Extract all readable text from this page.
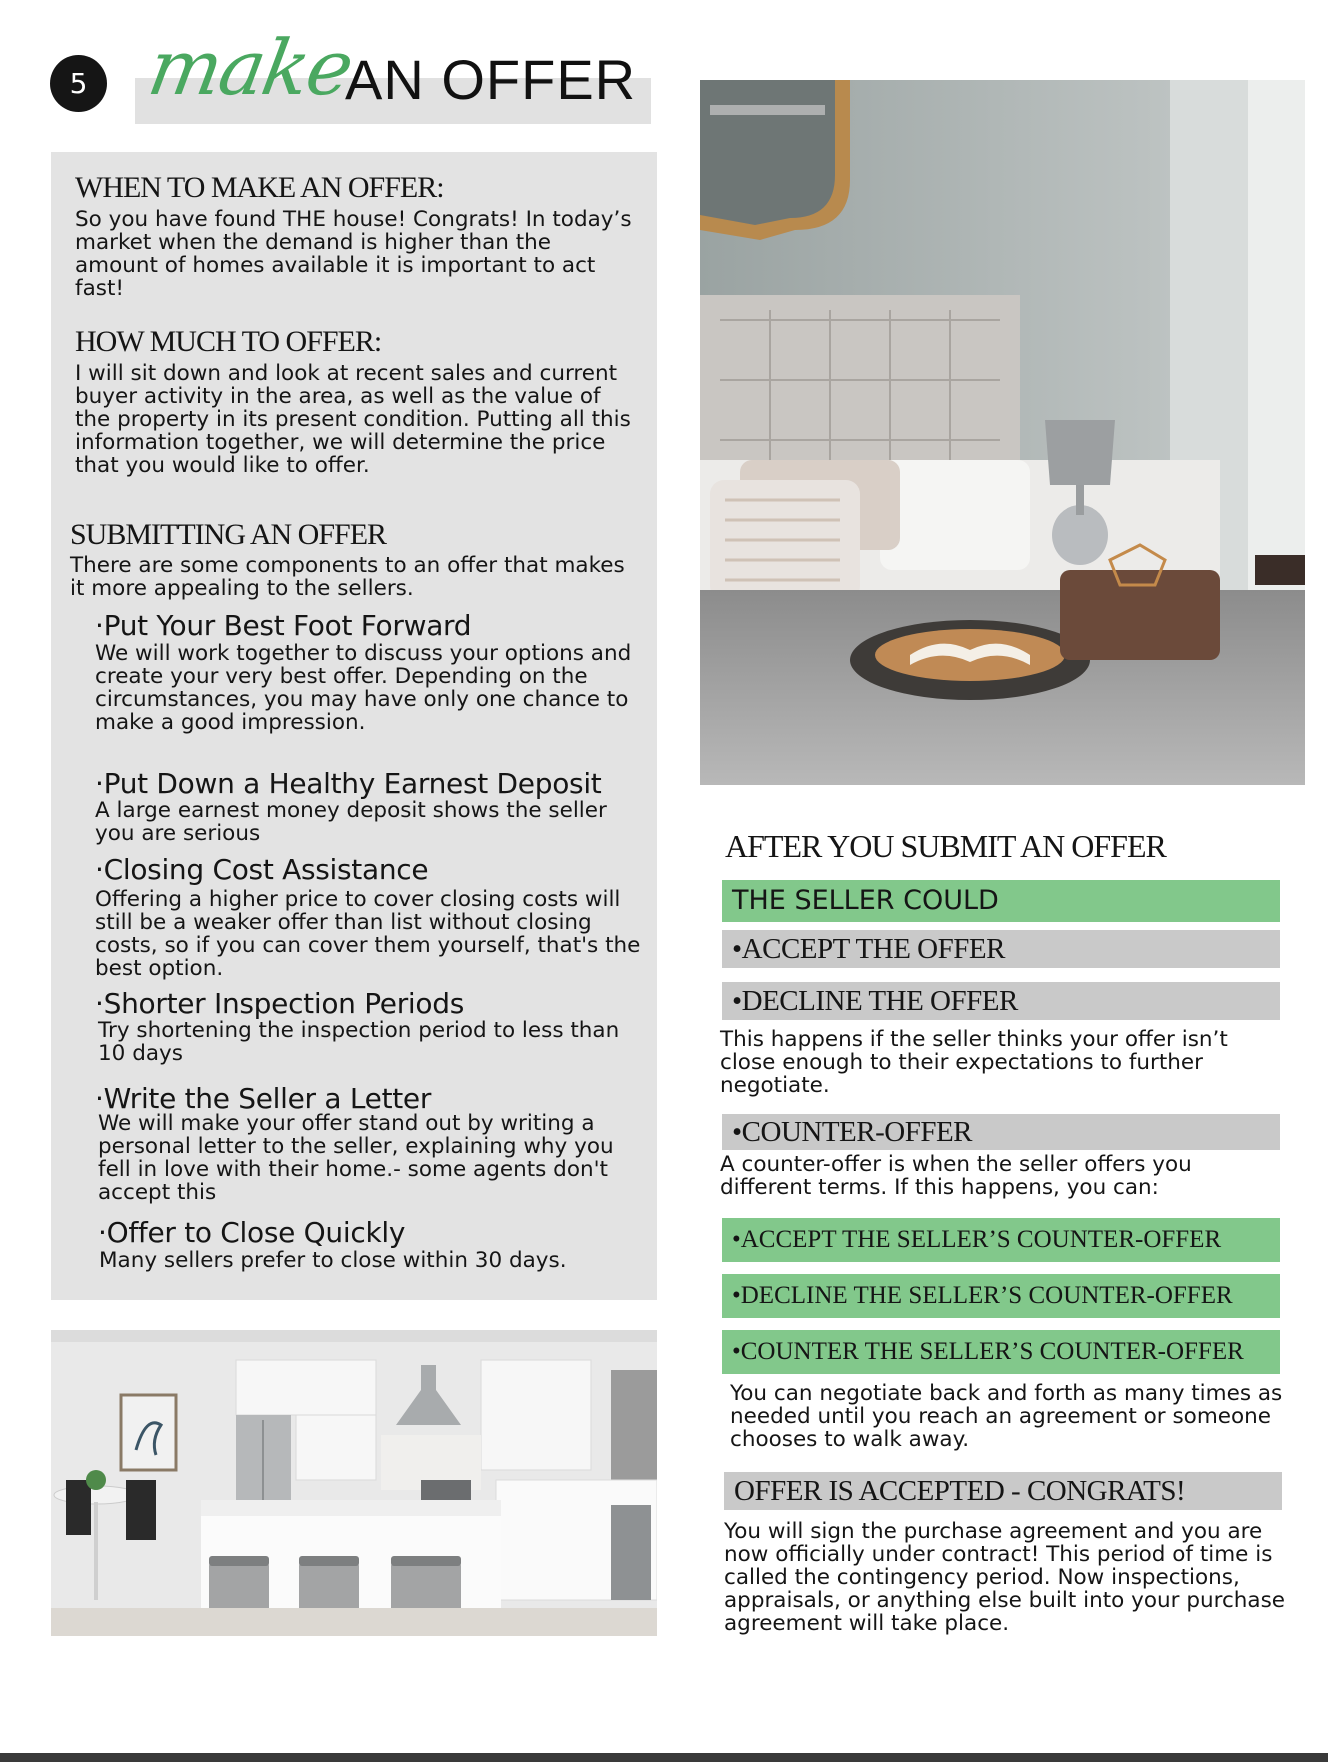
5 make
AN OFFER
WHEN TO MAKE AN OFFER:
So you have found THE house! Congrats! In today’s market when the demand is higher than the amount of homes available it is important to act fast!
HOW MUCH TO OFFER:
I will sit down and look at recent sales and current buyer activity in the area, as well as the value of the property in its present condition. Putting all this information together, we will determine the price that you would like to offer.
SUBMITTING AN OFFER
There are some components to an offer that makes it more appealing to the sellers.
·Put Your Best Foot Forward
We will work together to discuss your options and create your very best offer. Depending on the circumstances, you may have only one chance to make a good impression.
·Put Down a Healthy Earnest Deposit
A large earnest money deposit shows the seller you are serious
·Closing Cost Assistance
Offering a higher price to cover closing costs will still be a weaker offer than list without closing costs, so if you can cover them yourself, that's the best option.
·Shorter Inspection Periods
Try shortening the inspection period to less than 10 days
·Write the Seller a Letter
We will make your offer stand out by writing a personal letter to the seller, explaining why you fell in love with their home.- some agents don't accept this
·Offer to Close Quickly
Many sellers prefer to close within 30 days.
AFTER YOU SUBMIT AN OFFER
THE SELLER COULD
•ACCEPT THE OFFER
•DECLINE THE OFFER
This happens if the seller thinks your offer isn’t close enough to their expectations to further negotiate.
•COUNTER-OFFER
A counter-offer is when the seller offers you different terms. If this happens, you can:
•ACCEPT THE SELLER’S COUNTER-OFFER
•DECLINE THE SELLER’S COUNTER-OFFER
•COUNTER THE SELLER’S COUNTER-OFFER
You can negotiate back and forth as many times as needed until you reach an agreement or someone chooses to walk away.
OFFER IS ACCEPTED - CONGRATS!
You will sign the purchase agreement and you are now officially under contract! This period of time is called the contingency period. Now inspections, appraisals, or anything else built into your purchase agreement will take place.
